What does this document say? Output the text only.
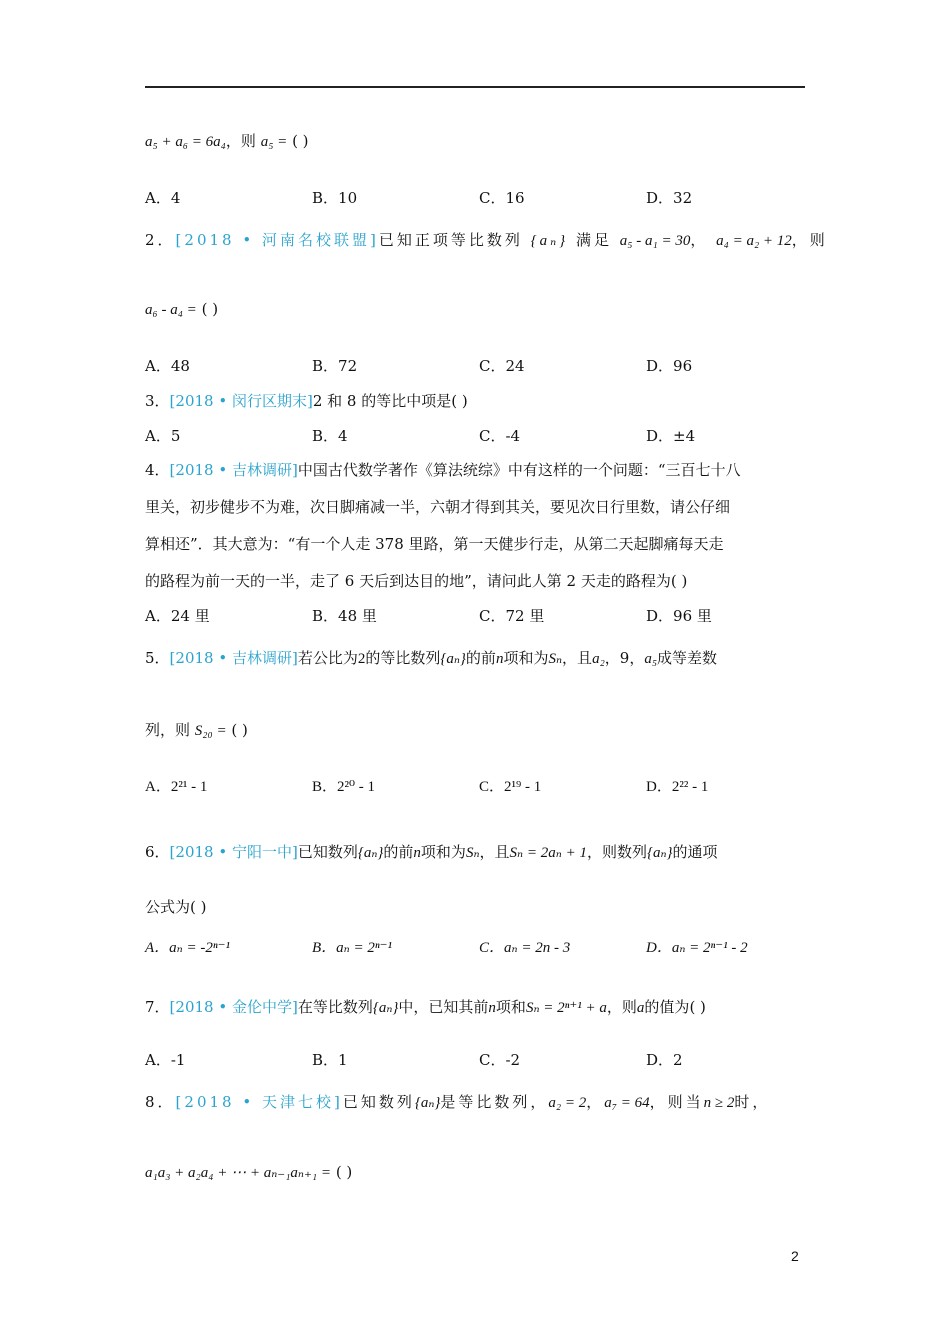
a₅ + a₆ = 6a₄，则 a₅ = ( )
A．4	B．10	C．16	D．32
2．[2018 • 河南名校联盟]已知正项等比数列 {aₙ} 满足 a₅ - a₁ = 30， a₄ = a₂ + 12，则
a₆ - a₄ = ( )
A．48	B．72	C．24	D．96
3．[2018 • 闵行区期末]2 和 8 的等比中项是( )
A．5	B．4	C．-4	D．±4
4．[2018 • 吉林调研]中国古代数学著作《算法统综》中有这样的一个问题：“三百七十八
里关，初步健步不为难，次日脚痛减一半，六朝才得到其关，要见次日行里数，请公仔细
算相还”．其大意为：“有一个人走 378 里路，第一天健步行走，从第二天起脚痛每天走
的路程为前一天的一半，走了 6 天后到达目的地”，请问此人第 2 天走的路程为( )
A．24 里	B．48 里	C．72 里	D．96 里
5．[2018 • 吉林调研]若公比为2的等比数列{aₙ}的前n项和为Sₙ，且a₂，9，a₅成等差数
列，则 S₂₀ = ( )
A．2²¹ - 1	B．2²⁰ - 1	C．2¹⁹ - 1	D．2²² - 1
6．[2018 • 宁阳一中]已知数列{aₙ}的前n项和为Sₙ，且Sₙ = 2aₙ + 1，则数列{aₙ}的通项
公式为( )
A．aₙ = -2ⁿ⁻¹	B．aₙ = 2ⁿ⁻¹	C．aₙ = 2n - 3	D．aₙ = 2ⁿ⁻¹ - 2
7．[2018 • 金伦中学]在等比数列{aₙ}中，已知其前n项和Sₙ = 2ⁿ⁺¹ + a，则a的值为( )
A．-1	B．1	C．-2	D．2
8．[2018 • 天津七校]已知数列{aₙ}是等比数列，a₂ = 2，a₇ = 64，则当n ≥ 2时，
a₁a₃ + a₂a₄ + ⋯ + aₙ₋₁aₙ₊₁ = ( )
2
